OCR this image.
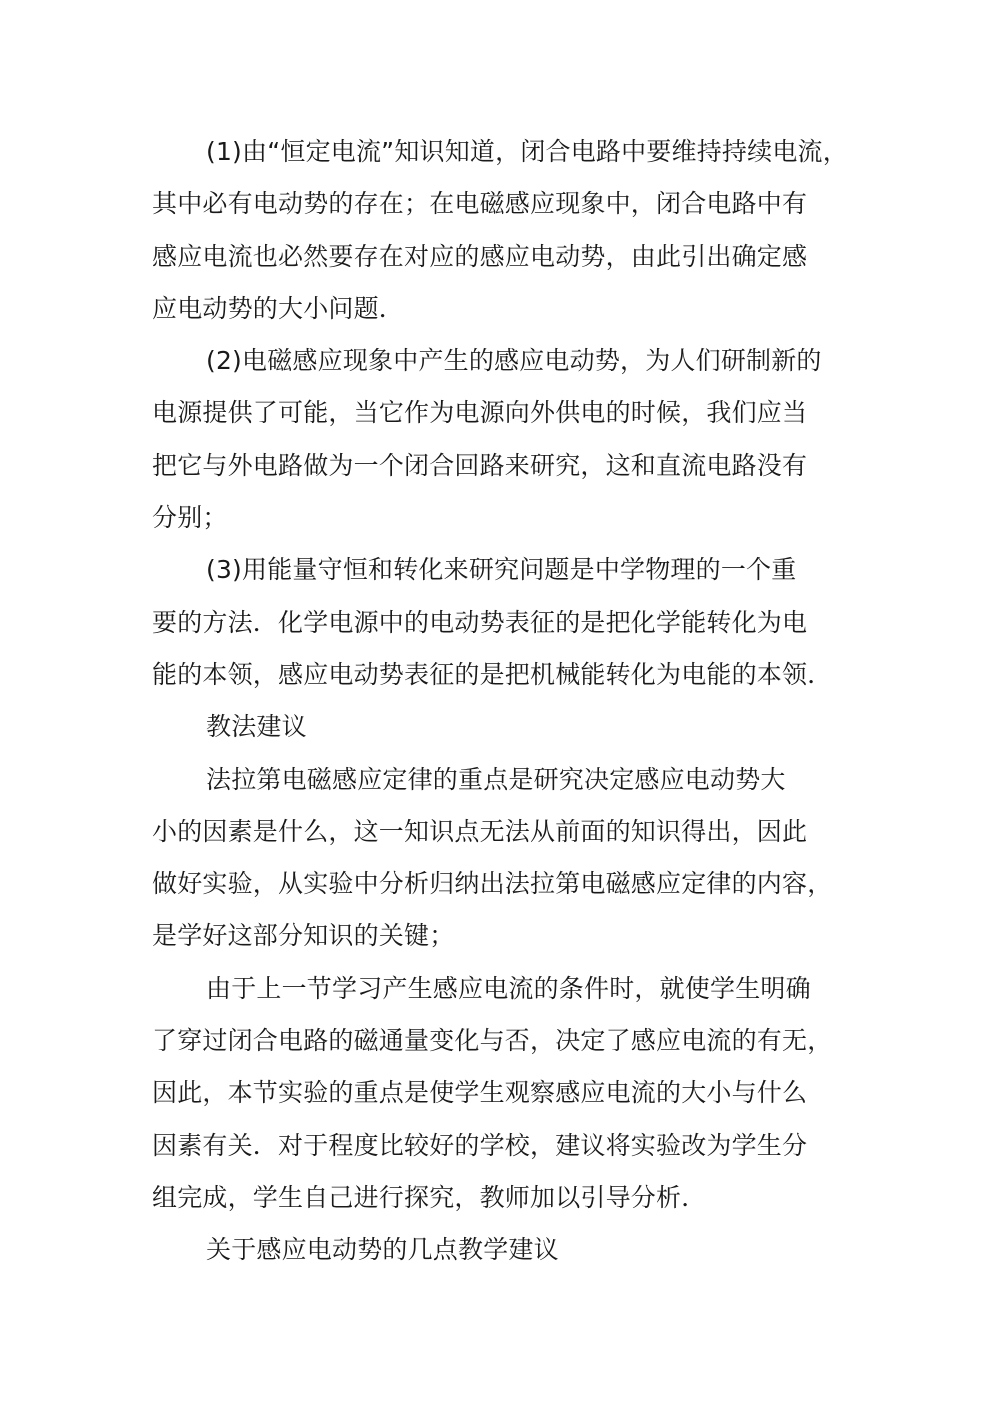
(1)由“恒定电流”知识知道，闭合电路中要维持持续电流，
其中必有电动势的存在；在电磁感应现象中，闭合电路中有
感应电流也必然要存在对应的感应电动势，由此引出确定感
应电动势的大小问题．
(2)电磁感应现象中产生的感应电动势，为人们研制新的
电源提供了可能，当它作为电源向外供电的时候，我们应当
把它与外电路做为一个闭合回路来研究，这和直流电路没有
分别；
(3)用能量守恒和转化来研究问题是中学物理的一个重
要的方法．化学电源中的电动势表征的是把化学能转化为电
能的本领，感应电动势表征的是把机械能转化为电能的本领．
教法建议
法拉第电磁感应定律的重点是研究决定感应电动势大
小的因素是什么，这一知识点无法从前面的知识得出，因此
做好实验，从实验中分析归纳出法拉第电磁感应定律的内容，
是学好这部分知识的关键；
由于上一节学习产生感应电流的条件时，就使学生明确
了穿过闭合电路的磁通量变化与否，决定了感应电流的有无，
因此，本节实验的重点是使学生观察感应电流的大小与什么
因素有关．对于程度比较好的学校，建议将实验改为学生分
组完成，学生自己进行探究，教师加以引导分析．
关于感应电动势的几点教学建议
